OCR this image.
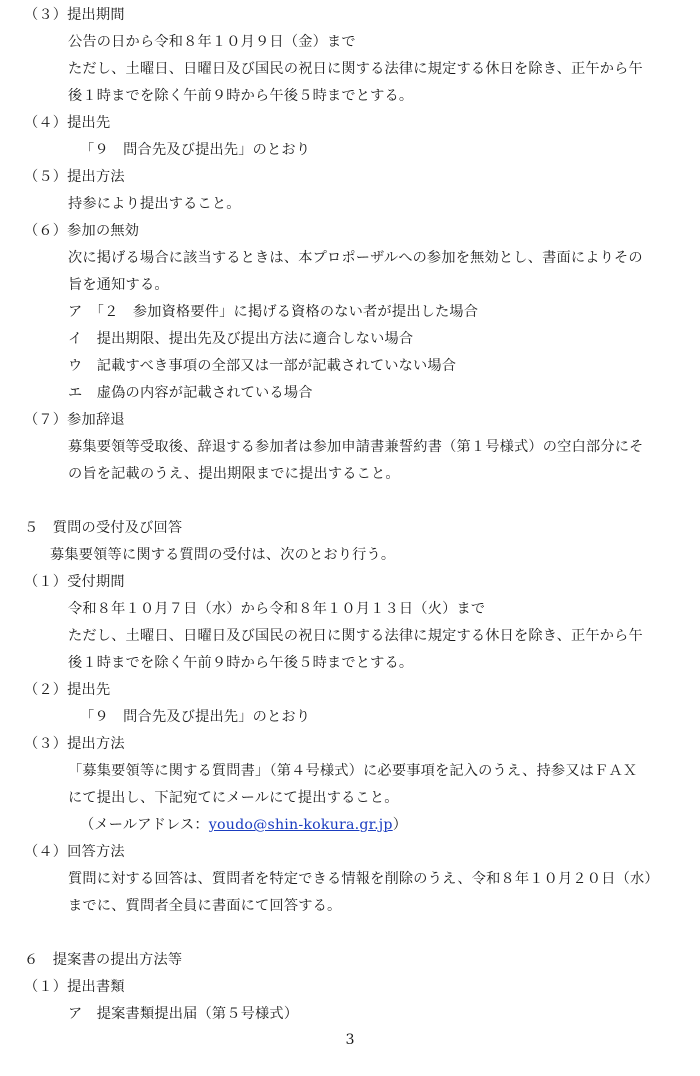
（３）提出期間
公告の日から令和８年１０月９日（金）まで
ただし、土曜日、日曜日及び国民の祝日に関する法律に規定する休日を除き、正午から午
後１時までを除く午前９時から午後５時までとする。
（４）提出先
「９　問合先及び提出先」のとおり
（５）提出方法
持参により提出すること。
（６）参加の無効
次に掲げる場合に該当するときは、本プロポーザルへの参加を無効とし、書面によりその
旨を通知する。
ア　「２　参加資格要件」に掲げる資格のない者が提出した場合
イ　提出期限、提出先及び提出方法に適合しない場合
ウ　記載すべき事項の全部又は一部が記載されていない場合
エ　虚偽の内容が記載されている場合
（７）参加辞退
募集要領等受取後、辞退する参加者は参加申請書兼誓約書（第１号様式）の空白部分にそ
の旨を記載のうえ、提出期限までに提出すること。
５　質問の受付及び回答
募集要領等に関する質問の受付は、次のとおり行う。
（１）受付期間
令和８年１０月７日（水）から令和８年１０月１３日（火）まで
ただし、土曜日、日曜日及び国民の祝日に関する法律に規定する休日を除き、正午から午
後１時までを除く午前９時から午後５時までとする。
（２）提出先
「９　問合先及び提出先」のとおり
（３）提出方法
「募集要領等に関する質問書」（第４号様式）に必要事項を記入のうえ、持参又はＦＡＸ
にて提出し、下記宛てにメールにて提出すること。
（メールアドレス：youdo@shin-kokura.gr.jp）
（４）回答方法
質問に対する回答は、質問者を特定できる情報を削除のうえ、令和８年１０月２０日（水）
までに、質問者全員に書面にて回答する。
６　提案書の提出方法等
（１）提出書類
ア　提案書類提出届（第５号様式）
3
